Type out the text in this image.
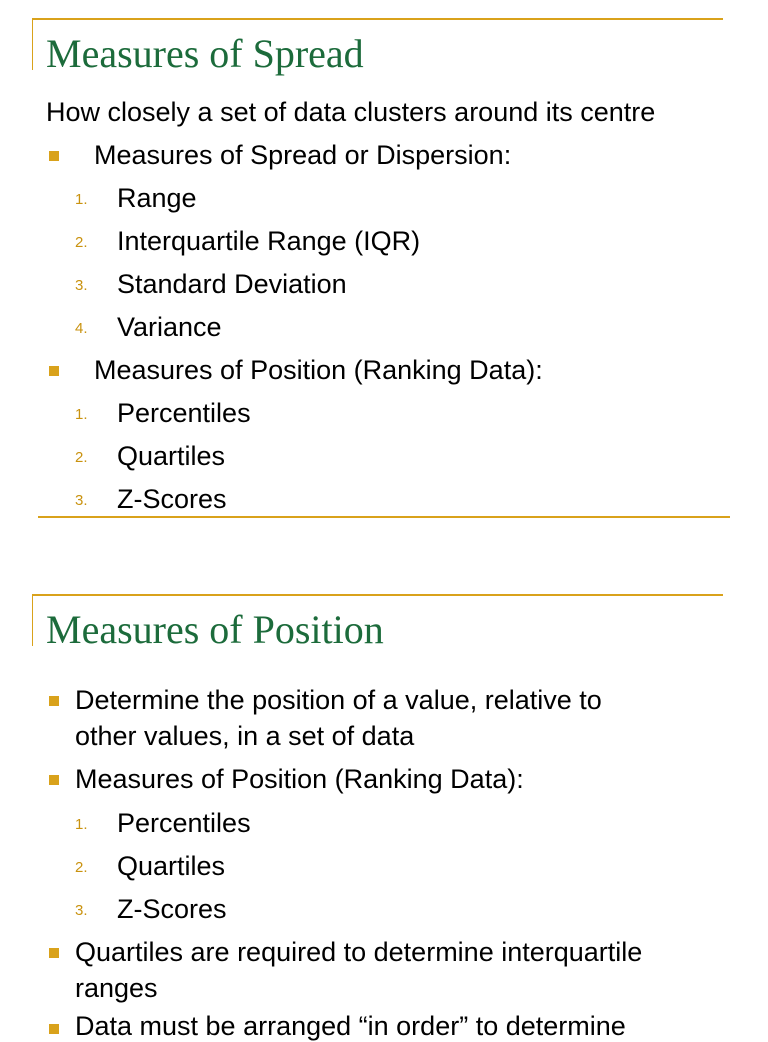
Measures of Spread
How closely a set of data clusters around its centre
Measures of Spread or Dispersion:
1. Range
2. Interquartile Range (IQR)
3. Standard Deviation
4. Variance
Measures of Position (Ranking Data):
1. Percentiles
2. Quartiles
3. Z-Scores
Measures of Position
Determine the position of a value, relative to
other values, in a set of data
Measures of Position (Ranking Data):
1. Percentiles
2. Quartiles
3. Z-Scores
Quartiles are required to determine interquartile
ranges
Data must be arranged “in order” to determine
